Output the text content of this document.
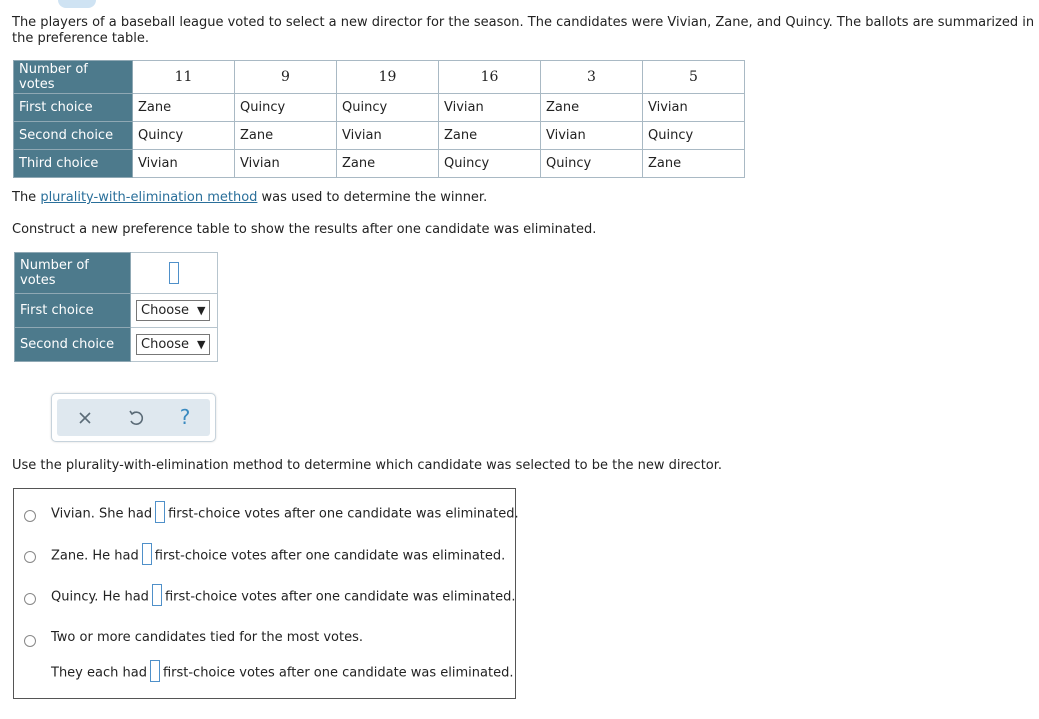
The players of a baseball league voted to select a new director for the season. The candidates were Vivian, Zane, and Quincy. The ballots are summarized in the preference table.
Number of votes	11	9	19	16	3	5
First choice	Zane	Quincy	Quincy	Vivian	Zane	Vivian
Second choice	Quincy	Zane	Vivian	Zane	Vivian	Quincy
Third choice	Vivian	Vivian	Zane	Quincy	Quincy	Zane
The plurality-with-elimination method was used to determine the winner.
Construct a new preference table to show the results after one candidate was eliminated.
Number of votes	

First choice	Choose ▼
Second choice	Choose ▼
?
Use the plurality-with-elimination method to determine which candidate was selected to be the new director.
Vivian. She had first-choice votes after one candidate was eliminated.
Zane. He had first-choice votes after one candidate was eliminated.
Quincy. He had first-choice votes after one candidate was eliminated.
Two or more candidates tied for the most votes.
They each had first-choice votes after one candidate was eliminated.
